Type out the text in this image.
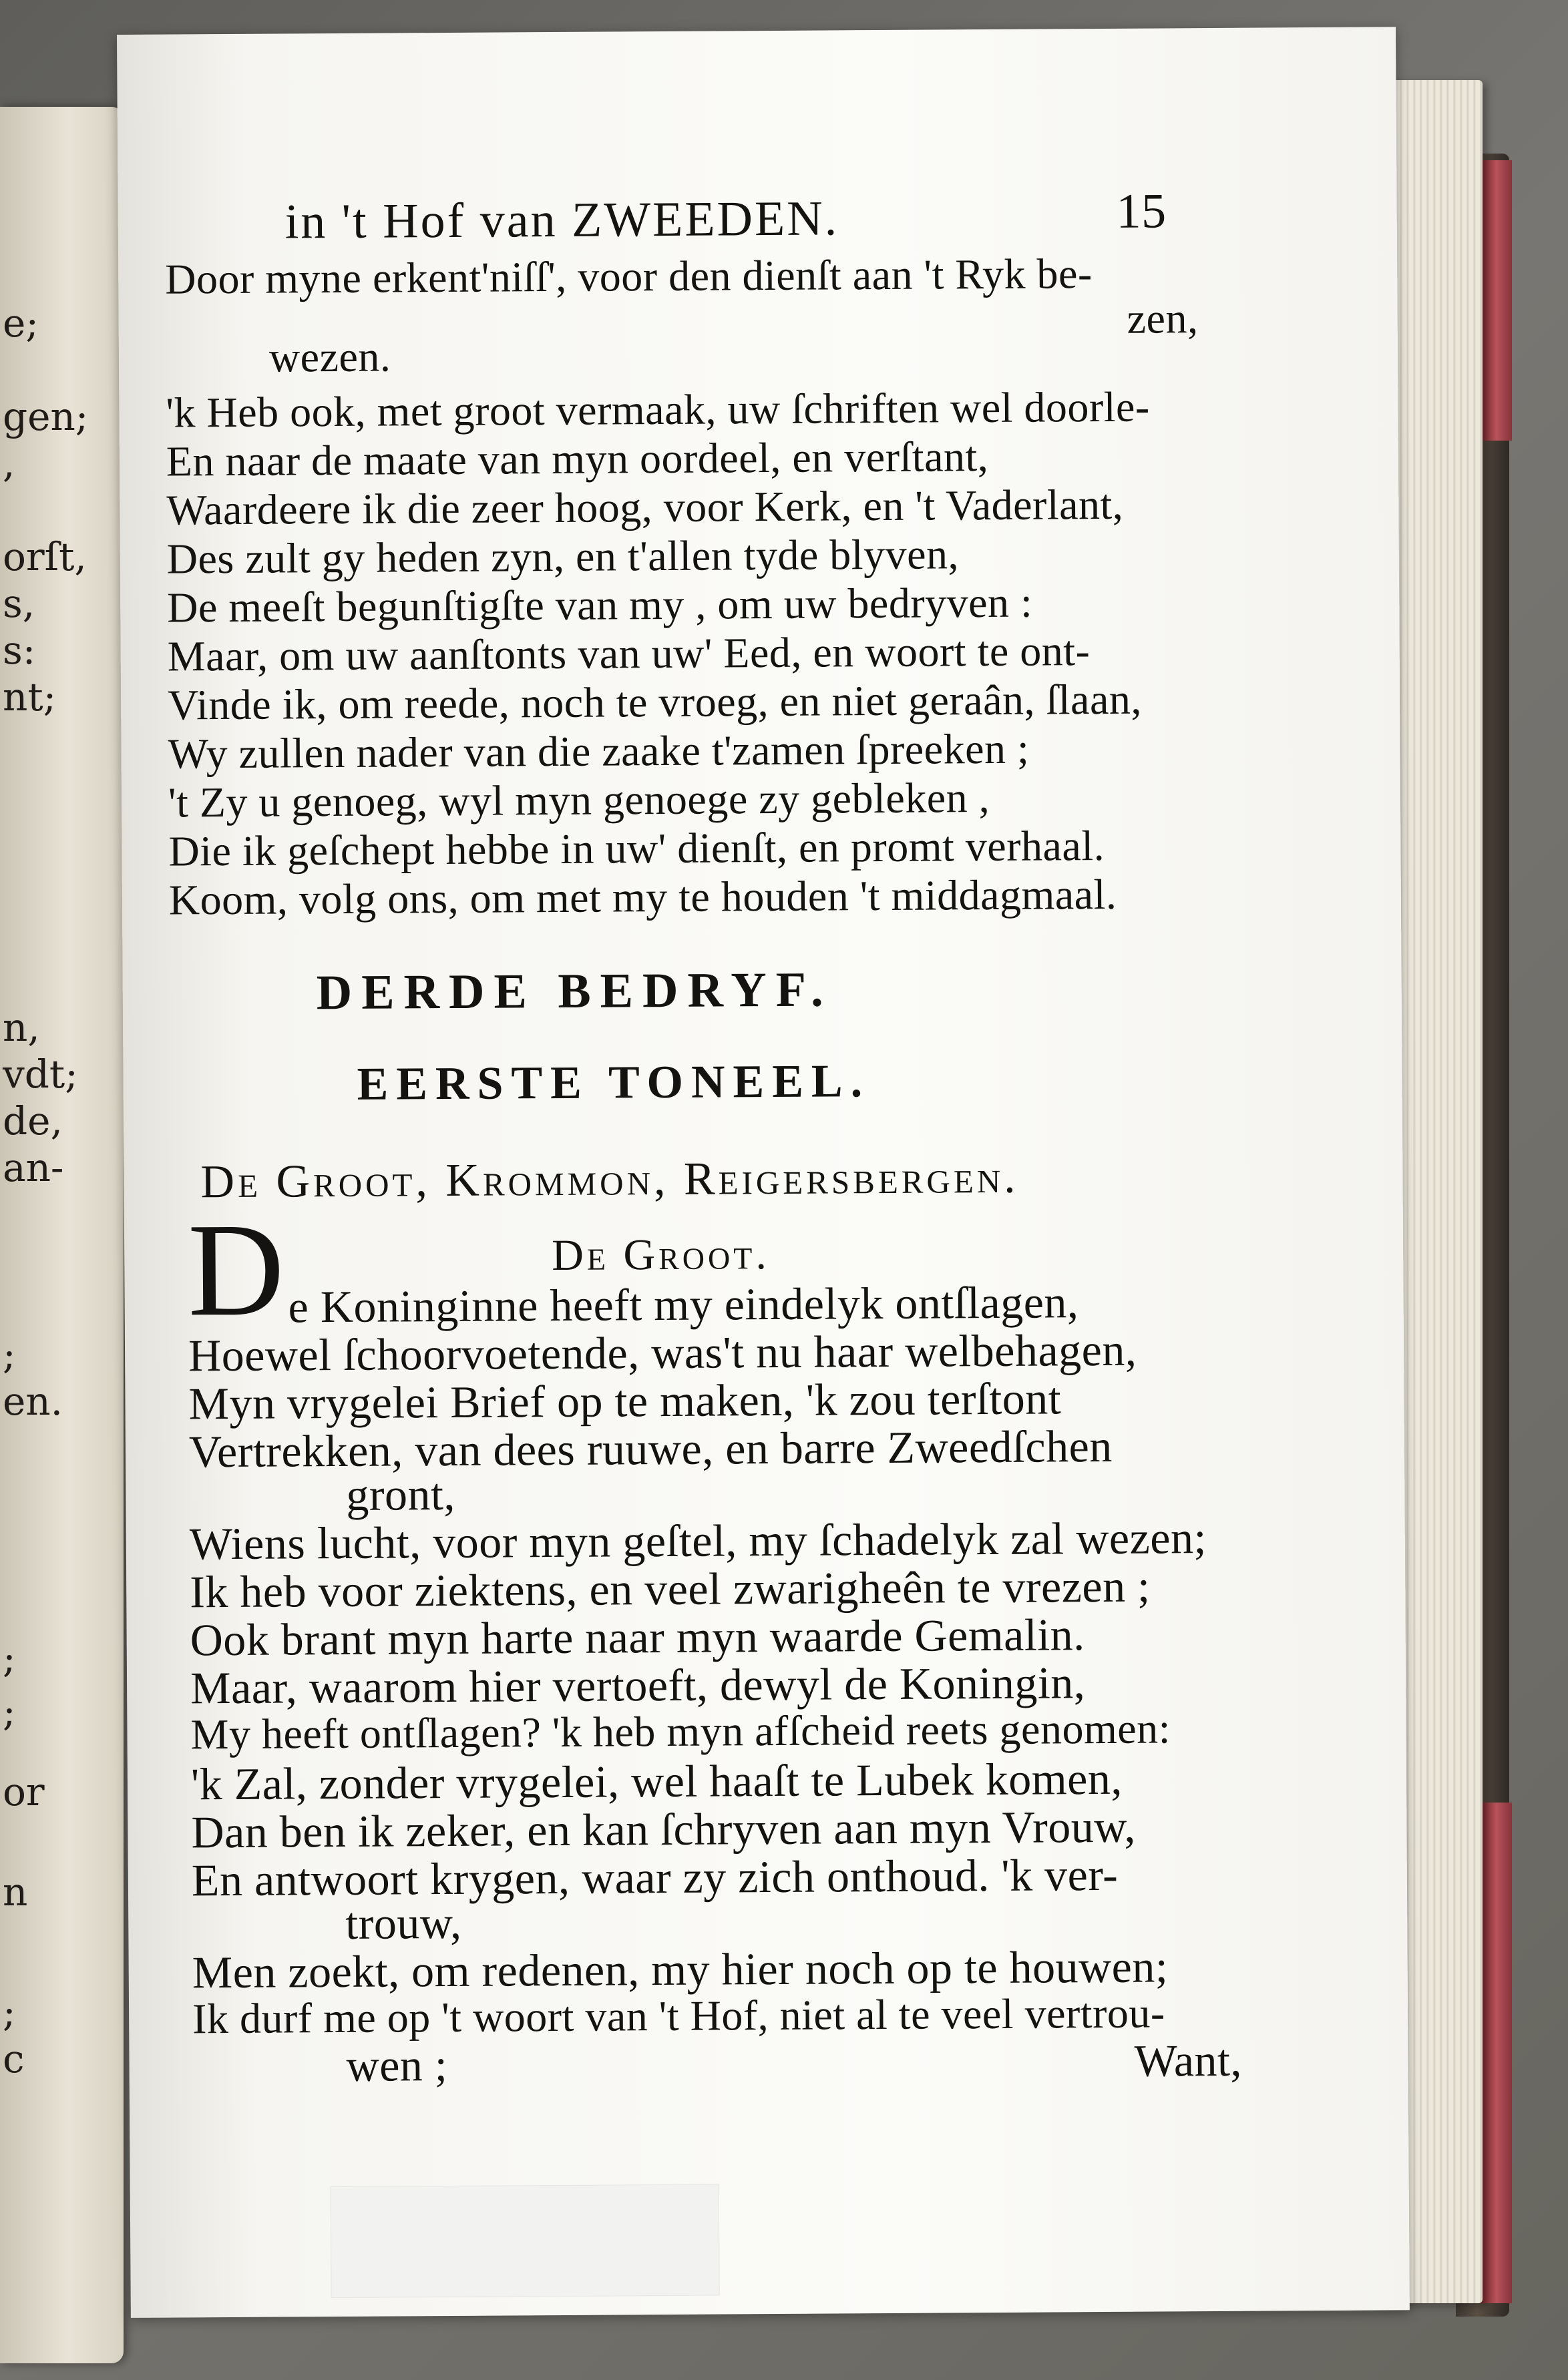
e;
gen;
,
orſt,
s,
s:
nt;
n,
vdt;
de,
an-
;
en.
;
;
or
n
;
c
in 't Hof van ZWEEDEN.	15
Door myne erkent'niſſ', voor den dienſt aan 't Ryk be-
zen,
wezen.
'k Heb ook, met groot vermaak, uw ſchriften wel doorle-
En naar de maate van myn oordeel, en verſtant,
Waardeere ik die zeer hoog, voor Kerk, en 't Vaderlant,
Des zult gy heden zyn, en t'allen tyde blyven,
De meeſt begunſtigſte van my , om uw bedryven :
Maar, om uw aanſtonts van uw' Eed, en woort te ont-
Vinde ik, om reede, noch te vroeg, en niet geraân, ſlaan,
Wy zullen nader van die zaake t'zamen ſpreeken ;
't Zy u genoeg, wyl myn genoege zy gebleken ,
Die ik geſchept hebbe in uw' dienſt, en promt verhaal.
Koom, volg ons, om met my te houden 't middagmaal.
DERDE BEDRYF.
EERSTE TONEEL.
De Groot, Krommon, Reigersbergen.
De Groot.
D e Koninginne heeft my eindelyk ontſlagen,
Hoewel ſchoorvoetende, was't nu haar welbehagen,
Myn vrygelei Brief op te maken, 'k zou terſtont
Vertrekken, van dees ruuwe, en barre Zweedſchen
gront,
Wiens lucht, voor myn geſtel, my ſchadelyk zal wezen;
Ik heb voor ziektens, en veel zwarigheên te vrezen ;
Ook brant myn harte naar myn waarde Gemalin.
Maar, waarom hier vertoeft, dewyl de Koningin,
My heeft ontſlagen? 'k heb myn afſcheid reets genomen:
'k Zal, zonder vrygelei, wel haaſt te Lubek komen,
Dan ben ik zeker, en kan ſchryven aan myn Vrouw,
En antwoort krygen, waar zy zich onthoud. 'k ver-
trouw,
Men zoekt, om redenen, my hier noch op te houwen;
Ik durf me op 't woort van 't Hof, niet al te veel vertrou-
wen ;	Want,
